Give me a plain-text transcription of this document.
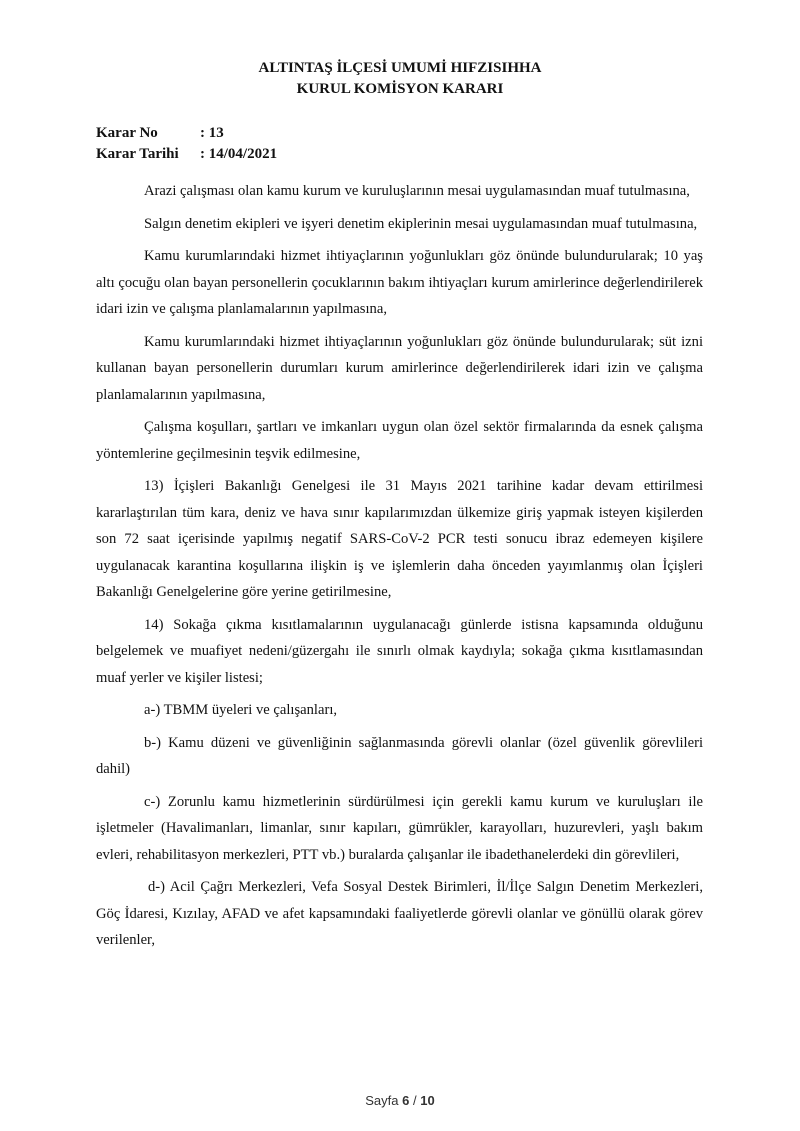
ALTINTAŞ İLÇESİ UMUMİ HIFZISIHHA
KURUL KOMİSYON KARARI
Karar No	: 13
Karar Tarihi : 14/04/2021

Arazi çalışması olan kamu kurum ve kuruluşlarının mesai uygulamasından muaf tutulmasına,

Salgın denetim ekipleri ve işyeri denetim ekiplerinin mesai uygulamasından muaf tutulmasına,

Kamu kurumlarındaki hizmet ihtiyaçlarının yoğunlukları göz önünde bulundurularak; 10 yaş altı çocuğu olan bayan personellerin çocuklarının bakım ihtiyaçları kurum amirlerince değerlendirilerek idari izin ve çalışma planlamalarının yapılmasına,

Kamu kurumlarındaki hizmet ihtiyaçlarının yoğunlukları göz önünde bulundurularak; süt izni kullanan bayan personellerin durumları kurum amirlerince değerlendirilerek idari izin ve çalışma planlamalarının yapılmasına,

Çalışma koşulları, şartları ve imkanları uygun olan özel sektör firmalarında da esnek çalışma yöntemlerine geçilmesinin teşvik edilmesine,

13) İçişleri Bakanlığı Genelgesi ile 31 Mayıs 2021 tarihine kadar devam ettirilmesi kararlaştırılan tüm kara, deniz ve hava sınır kapılarımızdan ülkemize giriş yapmak isteyen kişilerden son 72 saat içerisinde yapılmış negatif SARS-CoV-2 PCR testi sonucu ibraz edemeyen kişilere uygulanacak karantina koşullarına ilişkin iş ve işlemlerin daha önceden yayımlanmış olan İçişleri Bakanlığı Genelgelerine göre yerine getirilmesine,

14) Sokağa çıkma kısıtlamalarının uygulanacağı günlerde istisna kapsamında olduğunu belgelemek ve muafiyet nedeni/güzergahı ile sınırlı olmak kaydıyla; sokağa çıkma kısıtlamasından muaf yerler ve kişiler listesi;

a-) TBMM üyeleri ve çalışanları,

b-) Kamu düzeni ve güvenliğinin sağlanmasında görevli olanlar (özel güvenlik görevlileri dahil)

c-) Zorunlu kamu hizmetlerinin sürdürülmesi için gerekli kamu kurum ve kuruluşları ile işletmeler (Havalimanları, limanlar, sınır kapıları, gümrükler, karayolları, huzurevleri, yaşlı bakım evleri, rehabilitasyon merkezleri, PTT vb.) buralarda çalışanlar ile ibadethanelerdeki din görevlileri,

d-) Acil Çağrı Merkezleri, Vefa Sosyal Destek Birimleri, İl/İlçe Salgın Denetim Merkezleri, Göç İdaresi, Kızılay, AFAD ve afet kapsamındaki faaliyetlerde görevli olanlar ve gönüllü olarak görev verilenler,

Sayfa 6 / 10
